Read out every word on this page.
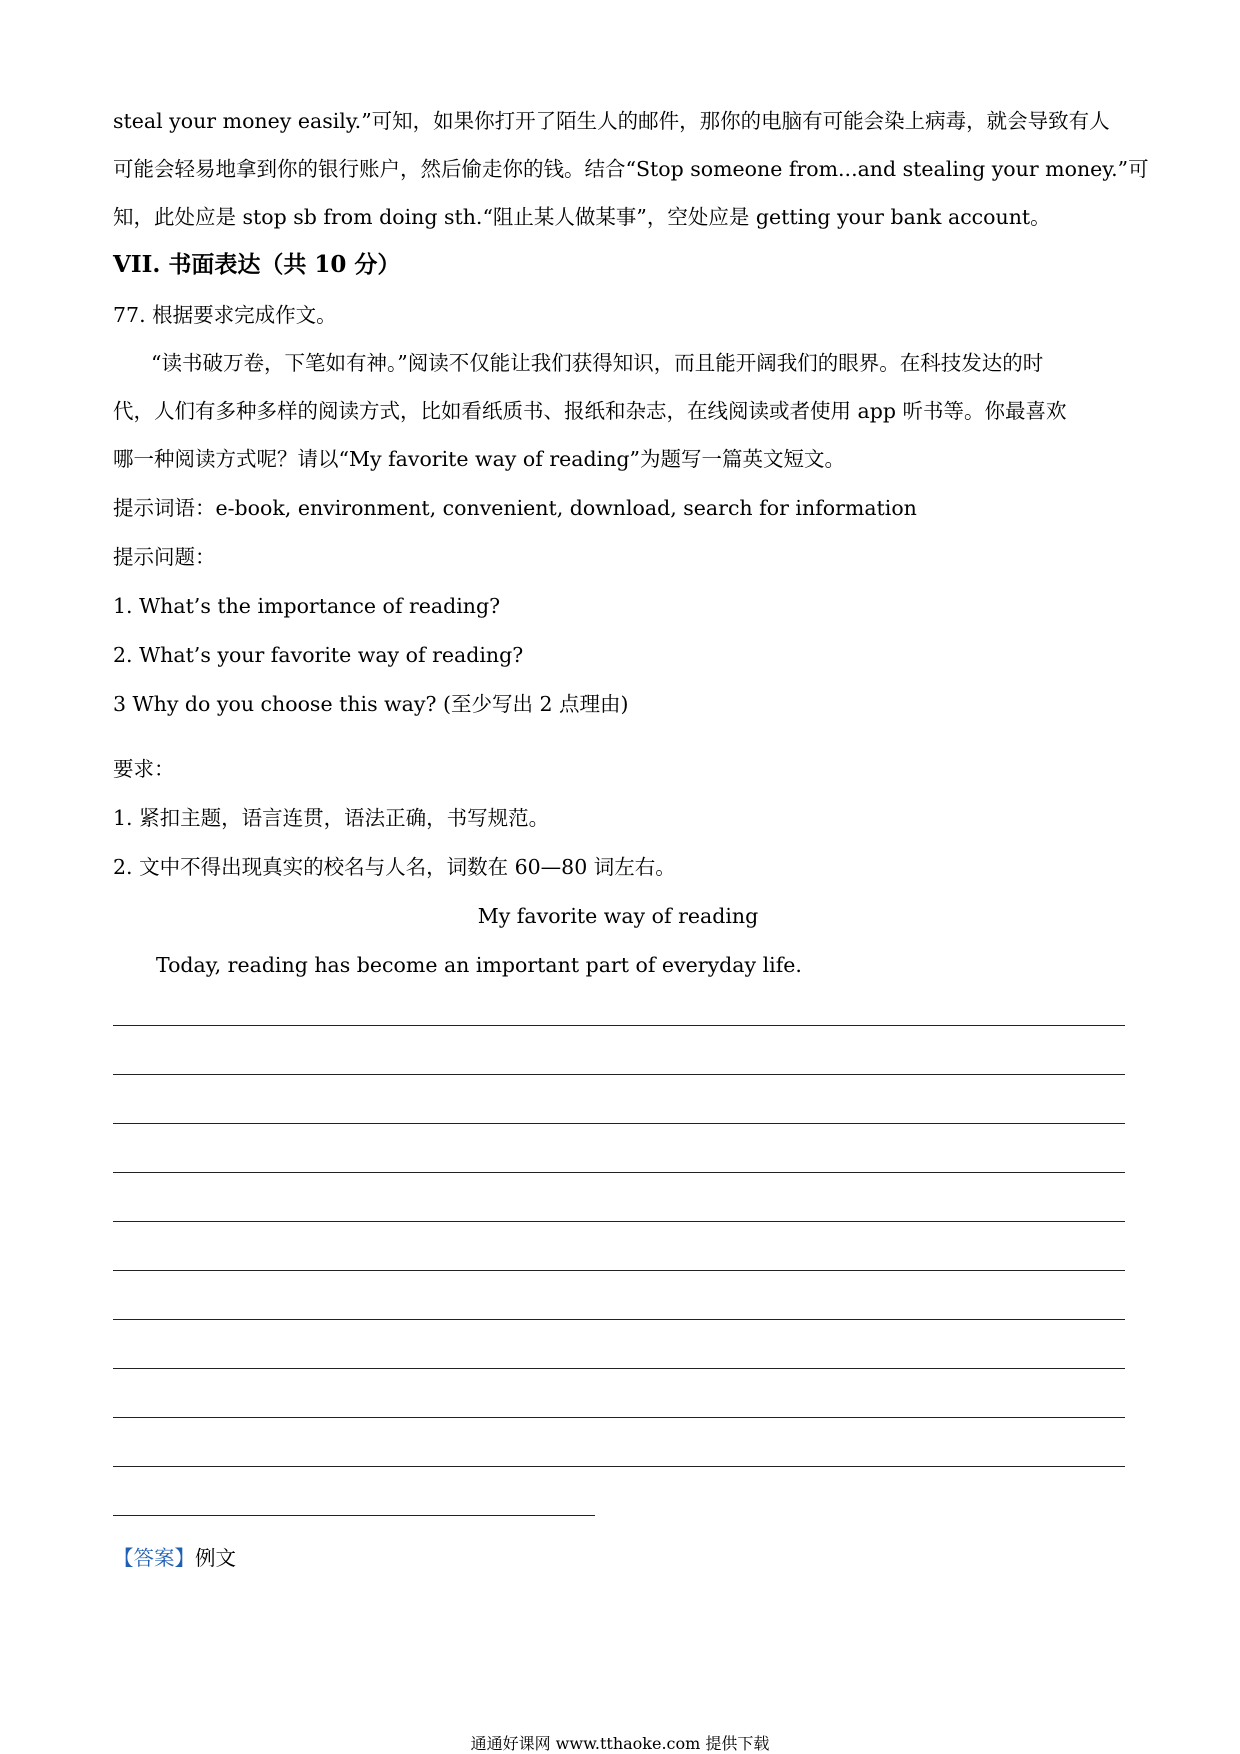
steal your money easily.”可知，如果你打开了陌生人的邮件，那你的电脑有可能会染上病毒，就会导致有人
可能会轻易地拿到你的银行账户，然后偷走你的钱。结合“Stop someone from...and stealing your money.”可
知，此处应是 stop sb from doing sth.“阻止某人做某事”，空处应是 getting your bank account。
VII. 书面表达（共 10 分）
77. 根据要求完成作文。
“读书破万卷，下笔如有神。”阅读不仅能让我们获得知识，而且能开阔我们的眼界。在科技发达的时
代，人们有多种多样的阅读方式，比如看纸质书、报纸和杂志，在线阅读或者使用 app 听书等。你最喜欢
哪一种阅读方式呢？请以“My favorite way of reading”为题写一篇英文短文。
提示词语：e-book, environment, convenient, download, search for information
提示问题：
1. What’s the importance of reading?
2. What’s your favorite way of reading?
3 Why do you choose this way? (至少写出 2 点理由)
要求：
1. 紧扣主题，语言连贯，语法正确，书写规范。
2. 文中不得出现真实的校名与人名，词数在 60—80 词左右。
My favorite way of reading
Today, reading has become an important part of everyday life.
【答案】例文
通通好课网 www.tthaoke.com 提供下载
